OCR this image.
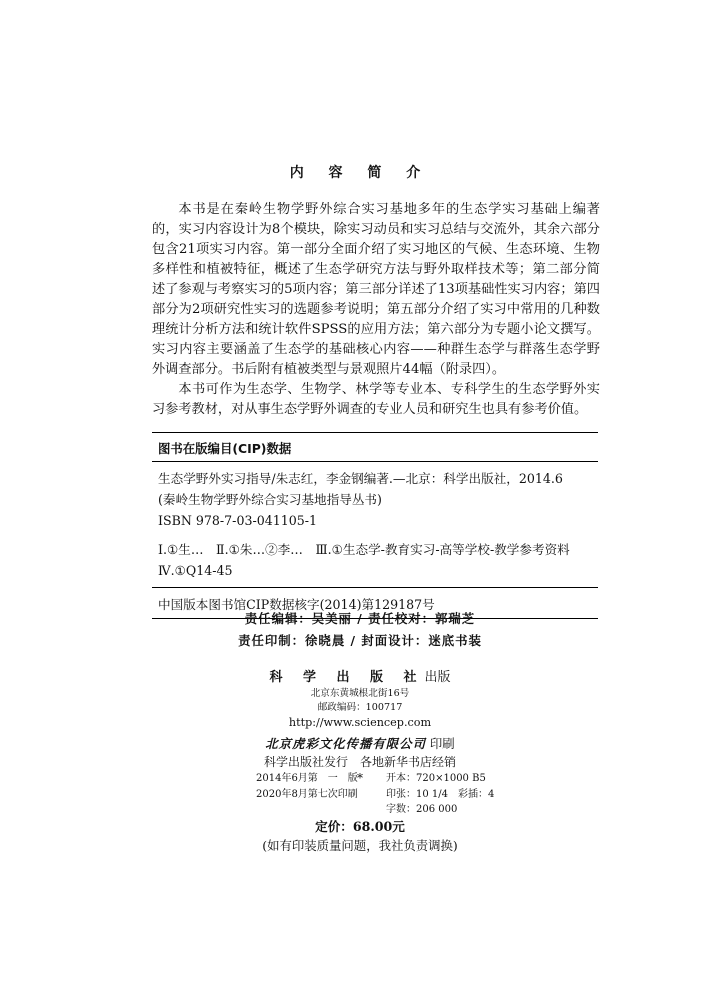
内 容 简 介

本书是在秦岭生物学野外综合实习基地多年的生态学实习基础上编著的，实习内容设计为8个模块，除实习动员和实习总结与交流外，其余六部分包含21项实习内容。第一部分全面介绍了实习地区的气候、生态环境、生物多样性和植被特征，概述了生态学研究方法与野外取样技术等；第二部分简述了参观与考察实习的5项内容；第三部分详述了13项基础性实习内容；第四部分为2项研究性实习的选题参考说明；第五部分介绍了实习中常用的几种数理统计分析方法和统计软件SPSS的应用方法；第六部分为专题小论文撰写。实习内容主要涵盖了生态学的基础核心内容——种群生态学与群落生态学野外调查部分。书后附有植被类型与景观照片44幅（附录四）。

本书可作为生态学、生物学、林学等专业本、专科学生的生态学野外实习参考教材，对从事生态学野外调查的专业人员和研究生也具有参考价值。

图书在版编目(CIP)数据
生态学野外实习指导/朱志红，李金钢编著.—北京：科学出版社，2014.6
(秦岭生物学野外综合实习基地指导丛书)
ISBN 978-7-03-041105-1
Ⅰ.①生…　Ⅱ.①朱…②李…　Ⅲ.①生态学-教育实习-高等学校-教学参考资料Ⅳ.①Q14-45
中国版本图书馆CIP数据核字(2014)第129187号
责任编辑：吴美丽 / 责任校对：郭瑞芝
责任印制：徐晓晨 / 封面设计：迷底书装
科 学 出 版 社出版
北京东黄城根北街16号
邮政编码：100717
http://www.sciencep.com
北京虎彩文化传播有限公司 印刷
科学出版社发行　各地新华书店经销
*
2014年6月第　一　版	开本：720×1000 B5
2020年8月第七次印刷	印张：10 1/4　彩插：4
字数：206 000
定价：68.00元
(如有印装质量问题，我社负责调换)
